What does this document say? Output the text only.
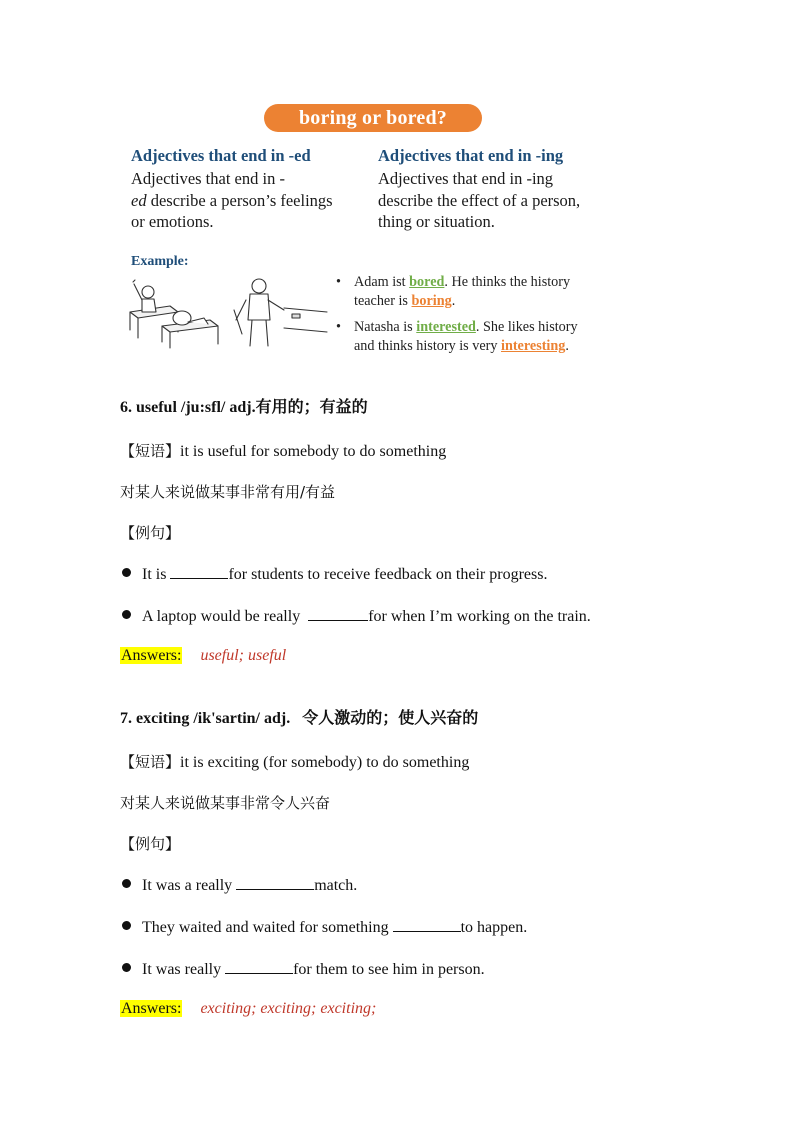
boring or bored?
Adjectives that end in -ed
Adjectives that end in -
ed describe a person’s feelings
or emotions.
Adjectives that end in -ing
Adjectives that end in -ing
describe the effect of a person,
thing or situation.
Example:
• Adam ist bored. He thinks the history
teacher is boring.
• Natasha is interested. She likes history
and thinks history is very interesting.
6. useful /ju:sfl/ adj.有用的；有益的
【短语】it is useful for somebody to do something
对某人来说做某事非常有用/有益
【例句】
It is	for students to receive feedback on their progress.
A laptop would be really	for when I’m working on the train.
Answers: useful; useful
7. exciting /ik'sartin/ adj.   令人激动的；使人兴奋的
【短语】it is exciting (for somebody) to do something
对某人来说做某事非常令人兴奋
【例句】
It was a really	match.
They waited and waited for something	to happen.
It was really	for them to see him in person.
Answers: exciting; exciting; exciting;
